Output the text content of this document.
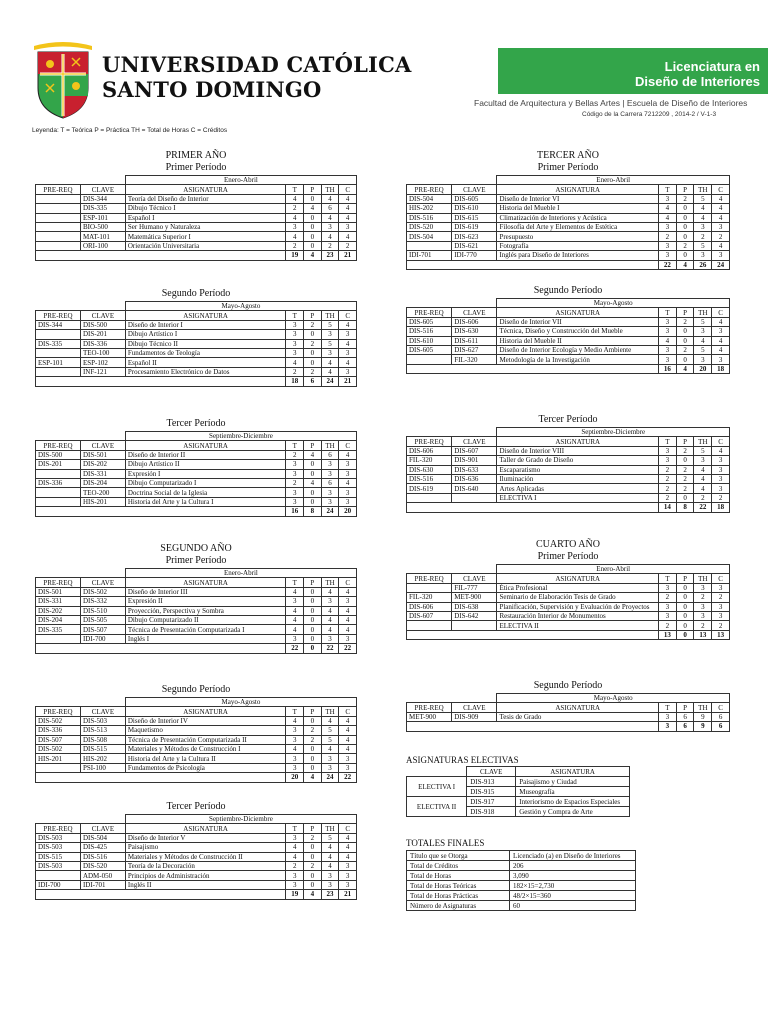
UNIVERSIDAD CATÓLICA
SANTO DOMINGO
Licenciatura en
Diseño de Interiores
Facultad de Arquitectura y Bellas Artes | Escuela de Diseño de Interiores
Código de la Carrera 7212209 , 2014-2 / V-1-3
Leyenda: T = Teórica P = Práctica TH = Total de Horas C = Créditos
PRIMER AÑO
Primer Período
		Enero-Abril				
PRE-REQ	CLAVE	ASIGNATURA	T	P	TH	C
	DIS-344	Teoría del Diseño de Interior	4	0	4	4
	DIS-335	Dibujo Técnico I	2	4	6	4
	ESP-101	Español I	4	0	4	4
	BIO-500	Ser Humano y Naturaleza	3	0	3	3
	MAT-101	Matemática Superior I	4	0	4	4
	ORI-100	Orientación Universitaria	2	0	2	2
			19	4	23	21
Segundo Período
		Mayo-Agosto				
PRE-REQ	CLAVE	ASIGNATURA	T	P	TH	C
DIS-344	DIS-500	Diseño de Interior I	3	2	5	4
	DIS-201	Dibujo Artístico I	3	0	3	3
DIS-335	DIS-336	Dibujo Técnico II	3	2	5	4
	TEO-100	Fundamentos de Teología	3	0	3	3
ESP-101	ESP-102	Español II	4	0	4	4
	INF-121	Procesamiento Electrónico de Datos	2	2	4	3
			18	6	24	21
Tercer Período
		Septiembre-Diciembre				
PRE-REQ	CLAVE	ASIGNATURA	T	P	TH	C
DIS-500	DIS-501	Diseño de Interior II	2	4	6	4
DIS-201	DIS-202	Dibujo Artístico II	3	0	3	3
	DIS-331	Expresión I	3	0	3	3
DIS-336	DIS-204	Dibujo Computarizado I	2	4	6	4
	TEO-200	Doctrina Social de la Iglesia	3	0	3	3
	HIS-201	Historia del Arte y la Cultura I	3	0	3	3
			16	8	24	20
SEGUNDO AÑO
Primer Período
		Enero-Abril				
PRE-REQ	CLAVE	ASIGNATURA	T	P	TH	C
DIS-501	DIS-502	Diseño de Interior III	4	0	4	4
DIS-331	DIS-332	Expresión II	3	0	3	3
DIS-202	DIS-510	Proyección, Perspectiva y Sombra	4	0	4	4
DIS-204	DIS-505	Dibujo Computarizado II	4	0	4	4
DIS-335	DIS-507	Técnica de Presentación Computarizada I	4	0	4	4
	IDI-700	Inglés I	3	0	3	3
			22	0	22	22
Segundo Período
		Mayo-Agosto				
PRE-REQ	CLAVE	ASIGNATURA	T	P	TH	C
DIS-502	DIS-503	Diseño de Interior IV	4	0	4	4
DIS-336	DIS-513	Maquetismo	3	2	5	4
DIS-507	DIS-508	Técnica de Presentación Computarizada II	3	2	5	4
DIS-502	DIS-515	Materiales y Métodos de Construcción I	4	0	4	4
HIS-201	HIS-202	Historia del Arte y la Cultura II	3	0	3	3
	PSI-100	Fundamentos de Psicología	3	0	3	3
			20	4	24	22
Tercer Período
		Septiembre-Diciembre				
PRE-REQ	CLAVE	ASIGNATURA	T	P	TH	C
DIS-503	DIS-504	Diseño de Interior V	3	2	5	4
DIS-503	DIS-425	Paisajismo	4	0	4	4
DIS-515	DIS-516	Materiales y Métodos de Construcción II	4	0	4	4
DIS-503	DIS-520	Teoría de la Decoración	2	2	4	3
	ADM-050	Principios de Administración	3	0	3	3
IDI-700	IDI-701	Inglés II	3	0	3	3
			19	4	23	21
TERCER AÑO
Primer Período
		Enero-Abril				
PRE-REQ	CLAVE	ASIGNATURA	T	P	TH	C
DIS-504	DIS-605	Diseño de Interior VI	3	2	5	4
HIS-202	DIS-610	Historia del Mueble I	4	0	4	4
DIS-516	DIS-615	Climatización de Interiores y Acústica	4	0	4	4
DIS-520	DIS-619	Filosofía del Arte y Elementos de Estética	3	0	3	3
DIS-504	DIS-623	Presupuesto	2	0	2	2
	DIS-621	Fotografía	3	2	5	4
IDI-701	IDI-770	Inglés para Diseño de Interiores	3	0	3	3
			22	4	26	24
Segundo Período
		Mayo-Agosto				
PRE-REQ	CLAVE	ASIGNATURA	T	P	TH	C
DIS-605	DIS-606	Diseño de Interior VII	3	2	5	4
DIS-516	DIS-630	Técnica, Diseño y Construcción del Mueble	3	0	3	3
DIS-610	DIS-611	Historia del Mueble II	4	0	4	4
DIS-605	DIS-627	Diseño de Interior Ecología y Medio Ambiente	3	2	5	4
	FIL-320	Metodología de la Investigación	3	0	3	3
			16	4	20	18
Tercer Período
		Septiembre-Diciembre				
PRE-REQ	CLAVE	ASIGNATURA	T	P	TH	C
DIS-606	DIS-607	Diseño de Interior VIII	3	2	5	4
FIL-320	DIS-901	Taller de Grado de Diseño	3	0	3	3
DIS-630	DIS-633	Escaparatismo	2	2	4	3
DIS-516	DIS-636	Iluminación	2	2	4	3
DIS-619	DIS-640	Artes Aplicadas	2	2	4	3
		ELECTIVA I	2	0	2	2
			14	8	22	18
CUARTO AÑO
Primer Período
		Enero-Abril				
PRE-REQ	CLAVE	ASIGNATURA	T	P	TH	C
	FIL-777	Ética Profesional	3	0	3	3
FIL-320	MET-900	Seminario de Elaboración Tesis de Grado	2	0	2	2
DIS-606	DIS-638	Planificación, Supervisión y Evaluación de Proyectos	3	0	3	3
DIS-607	DIS-642	Restauración Interior de Monumentos	3	0	3	3
		ELECTIVA II	2	0	2	2
			13	0	13	13
Segundo Período
		Mayo-Agosto				
PRE-REQ	CLAVE	ASIGNATURA	T	P	TH	C
MET-900	DIS-909	Tesis de Grado	3	6	9	6
			3	6	9	6
ASIGNATURAS ELECTIVAS
	CLAVE	ASIGNATURA
ELECTIVA I	DIS-913	Paisajismo y Ciudad
	DIS-915	Museografía
ELECTIVA II	DIS-917	Interiorismo de Espacios Especiales
	DIS-918	Gestión y Compra de Arte
TOTALES FINALES
Título que se Otorga	Licenciado (a) en Diseño de Interiores
Total de Créditos	206
Total de Horas	3,090
Total de Horas Teóricas	182×15=2,730
Total de Horas Prácticas	48/2×15=360
Número de Asignaturas	60
